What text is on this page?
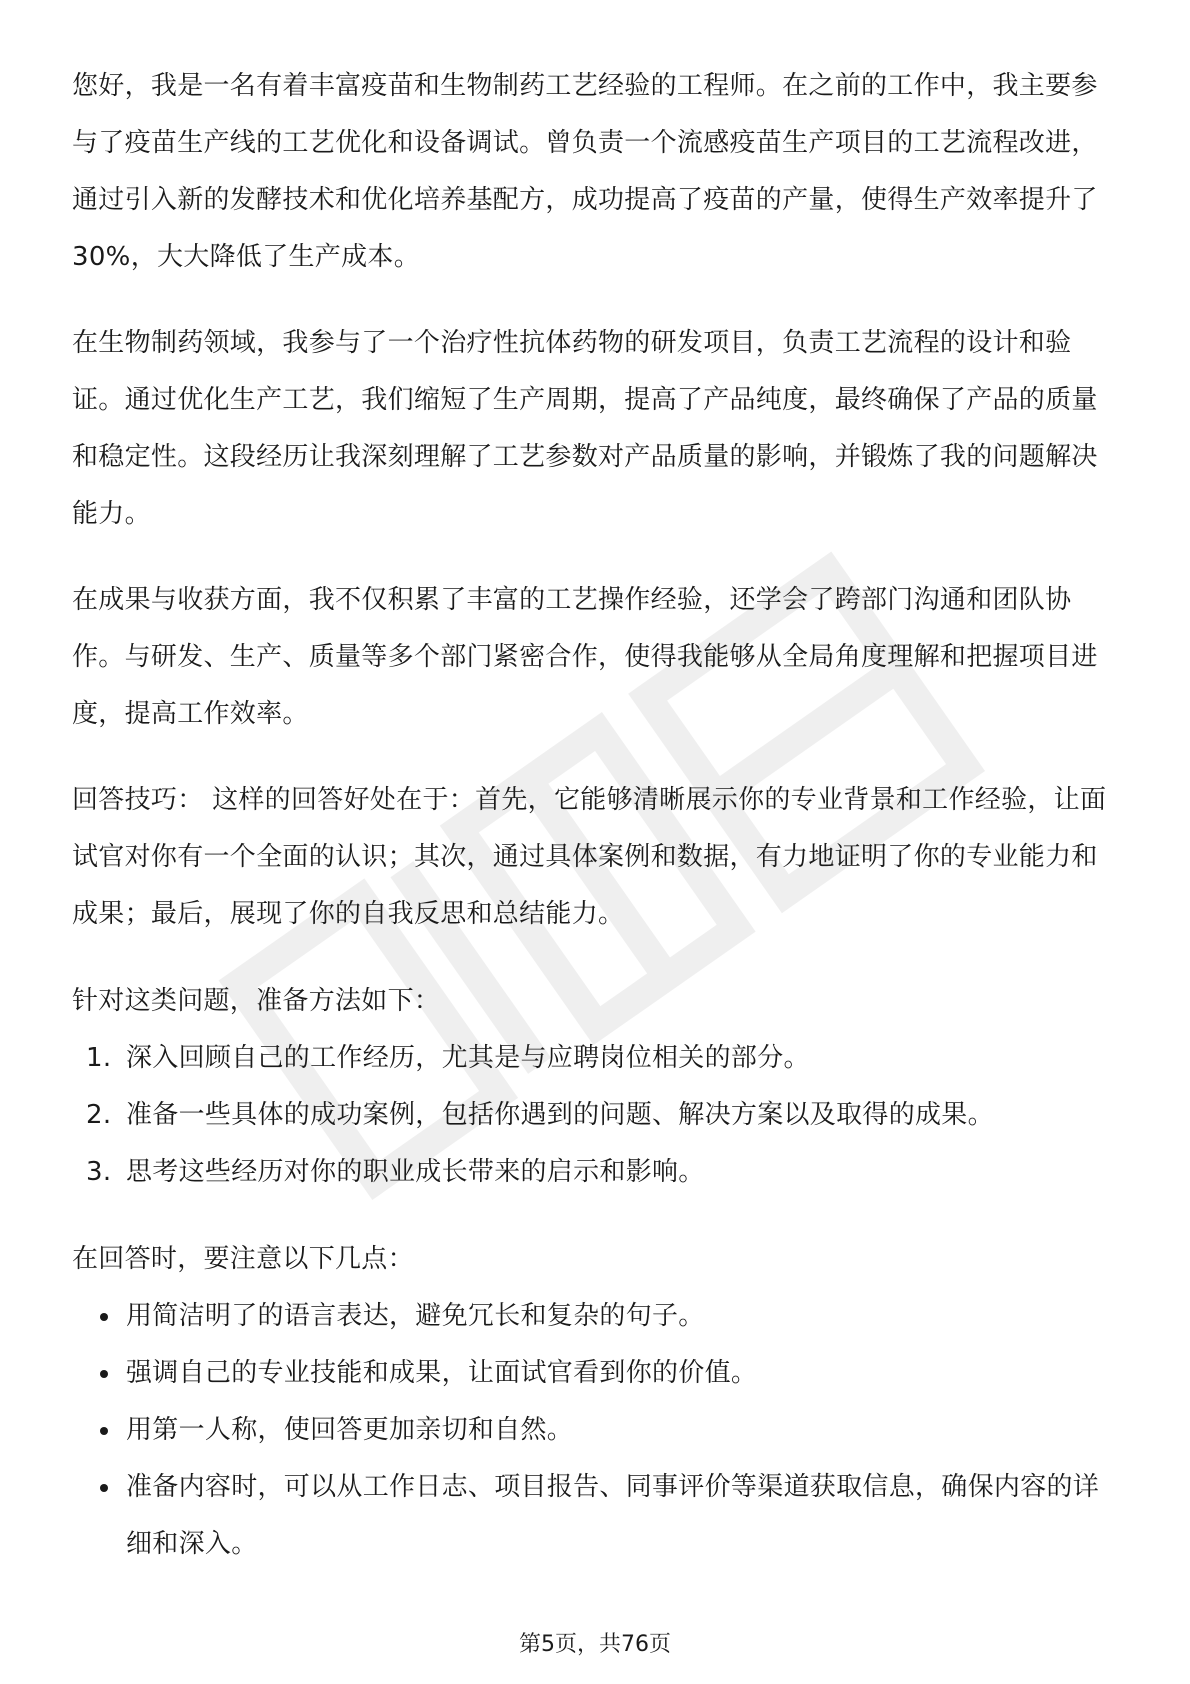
您好，我是一名有着丰富疫苗和生物制药工艺经验的工程师。在之前的工作中，我主要参与了疫苗生产线的工艺优化和设备调试。曾负责一个流感疫苗生产项目的工艺流程改进，通过引入新的发酵技术和优化培养基配方，成功提高了疫苗的产量，使得生产效率提升了30%，大大降低了生产成本。

在生物制药领域，我参与了一个治疗性抗体药物的研发项目，负责工艺流程的设计和验证。通过优化生产工艺，我们缩短了生产周期，提高了产品纯度，最终确保了产品的质量和稳定性。这段经历让我深刻理解了工艺参数对产品质量的影响，并锻炼了我的问题解决能力。

在成果与收获方面，我不仅积累了丰富的工艺操作经验，还学会了跨部门沟通和团队协作。与研发、生产、质量等多个部门紧密合作，使得我能够从全局角度理解和把握项目进度，提高工作效率。

回答技巧： 这样的回答好处在于：首先，它能够清晰展示你的专业背景和工作经验，让面试官对你有一个全面的认识；其次，通过具体案例和数据，有力地证明了你的专业能力和成果；最后，展现了你的自我反思和总结能力。

针对这类问题，准备方法如下：

1. 深入回顾自己的工作经历，尤其是与应聘岗位相关的部分。
2. 准备一些具体的成功案例，包括你遇到的问题、解决方案以及取得的成果。
3. 思考这些经历对你的职业成长带来的启示和影响。

在回答时，要注意以下几点：

用简洁明了的语言表达，避免冗长和复杂的句子。
强调自己的专业技能和成果，让面试官看到你的价值。
用第一人称，使回答更加亲切和自然。
准备内容时，可以从工作日志、项目报告、同事评价等渠道获取信息，确保内容的详细和深入。
第5页，共76页
